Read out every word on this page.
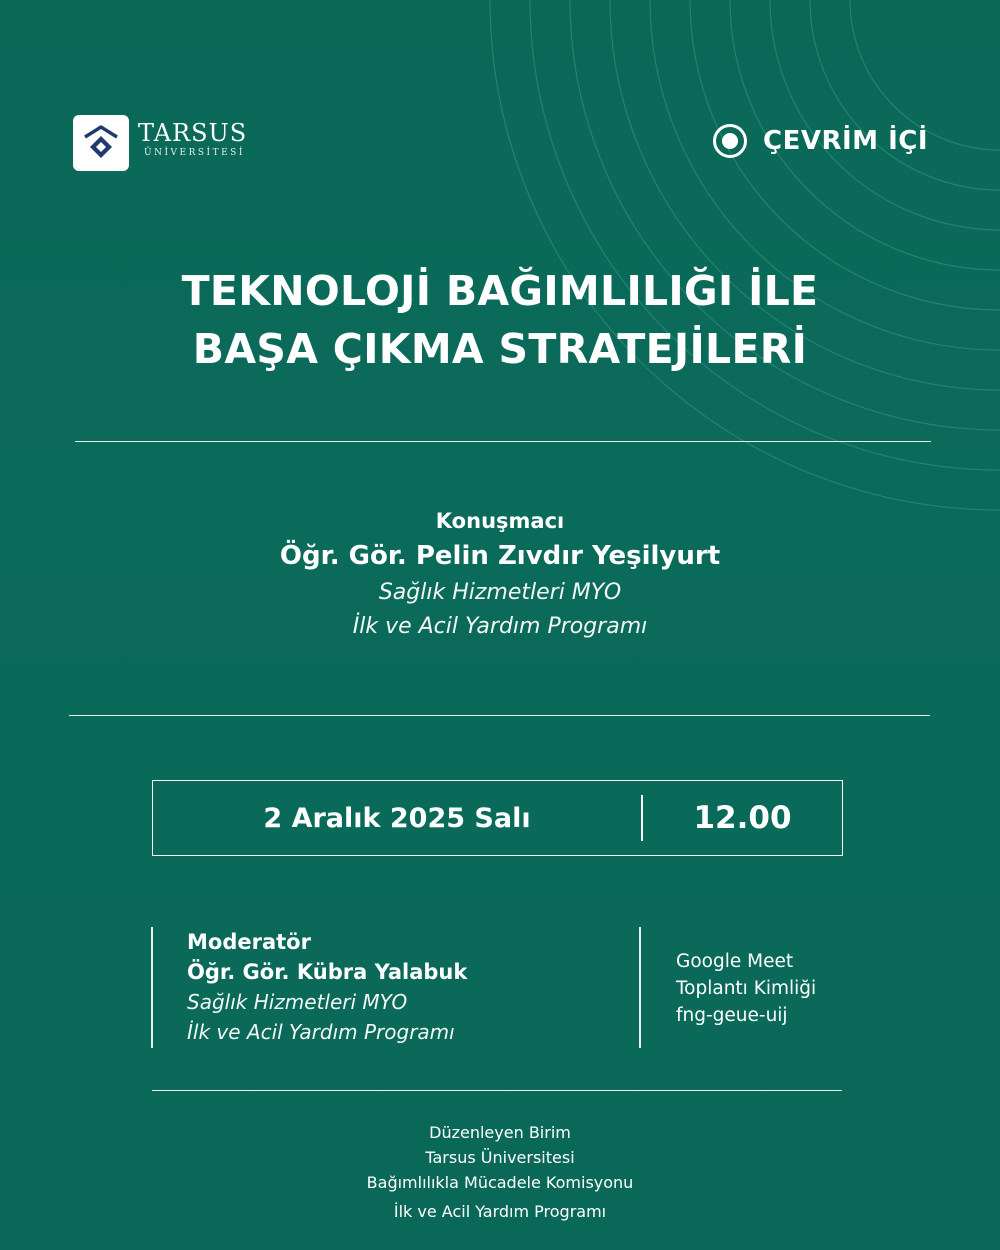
TARSUS
ÜNİVERSİTESİ	ÇEVRİM İÇİ
TEKNOLOJİ BAĞIMLILIĞI İLE
BAŞA ÇIKMA STRATEJİLERİ
Konuşmacı
Öğr. Gör. Pelin Zıvdır Yeşilyurt
Sağlık Hizmetleri MYO
İlk ve Acil Yardım Programı
2 Aralık 2025 Salı	12.00
Moderatör
Öğr. Gör. Kübra Yalabuk
Sağlık Hizmetleri MYO
İlk ve Acil Yardım Programı
Google Meet
Toplantı Kimliği
fng-geue-uij
Düzenleyen Birim
Tarsus Üniversitesi
Bağımlılıkla Mücadele Komisyonu
İlk ve Acil Yardım Programı
